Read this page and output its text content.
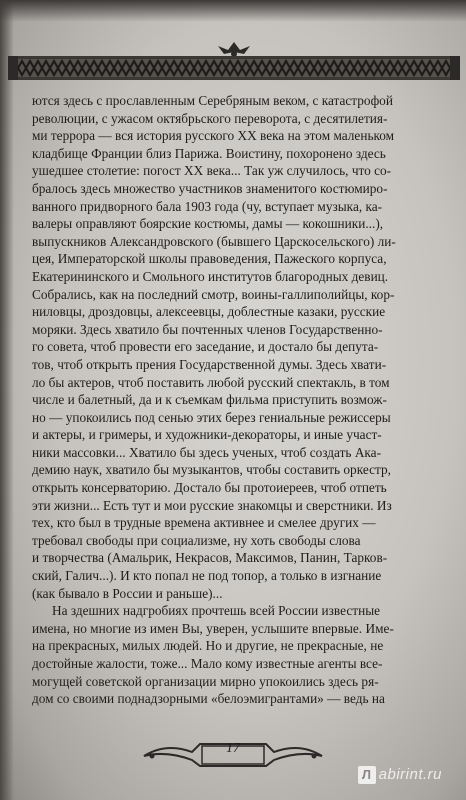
ются здесь с прославленным Серебряным веком, с катастрофой

революции, с ужасом октябрьского переворота, с десятилетия-

ми террора — вся история русского XX века на этом маленьком

кладбище Франции близ Парижа. Воистину, похоронено здесь

ушедшее столетие: погост XX века... Так уж случилось, что со-

бралось здесь множество участников знаменитого костюмиро-

ванного придворного бала 1903 года (чу, вступает музыка, ка-

валеры оправляют боярские костюмы, дамы — кокошники...),

выпускников Александровского (бывшего Царскосельского) ли-

цея, Императорской школы правоведения, Пажеского корпуса,

Екатерининского и Смольного институтов благородных девиц.

Собрались, как на последний смотр, воины-галлиполийцы, кор-

ниловцы, дроздовцы, алексеевцы, доблестные казаки, русские

моряки. Здесь хватило бы почтенных членов Государственно-

го совета, чтоб провести его заседание, и достало бы депута-

тов, чтоб открыть прения Государственной думы. Здесь хвати-

ло бы актеров, чтоб поставить любой русский спектакль, в том

числе и балетный, да и к съемкам фильма приступить возмож-

но — упокоились под сенью этих берез гениальные режиссеры

и актеры, и гримеры, и художники-декораторы, и иные участ-

ники массовки... Хватило бы здесь ученых, чтоб создать Ака-

демию наук, хватило бы музыкантов, чтобы составить оркестр,

открыть консерваторию. Достало бы протоиереев, чтоб отпеть

эти жизни... Есть тут и мои русские знакомцы и сверстники. Из

тех, кто был в трудные времена активнее и смелее других —

требовал свободы при социализме, ну хоть свободы слова

и творчества (Амальрик, Некрасов, Максимов, Панин, Тарков-

ский, Галич...). И кто попал не под топор, а только в изгнание

(как бывало в России и раньше)...

На здешних надгробиях прочтешь всей России известные

имена, но многие из имен Вы, уверен, услышите впервые. Име-

на прекрасных, милых людей. Но и другие, не прекрасные, не

достойные жалости, тоже... Мало кому известные агенты все-

могущей советской организации мирно упокоились здесь ря-

дом со своими поднадзорными «белоэмигрантами» — ведь на

17
Л abirint.ru
